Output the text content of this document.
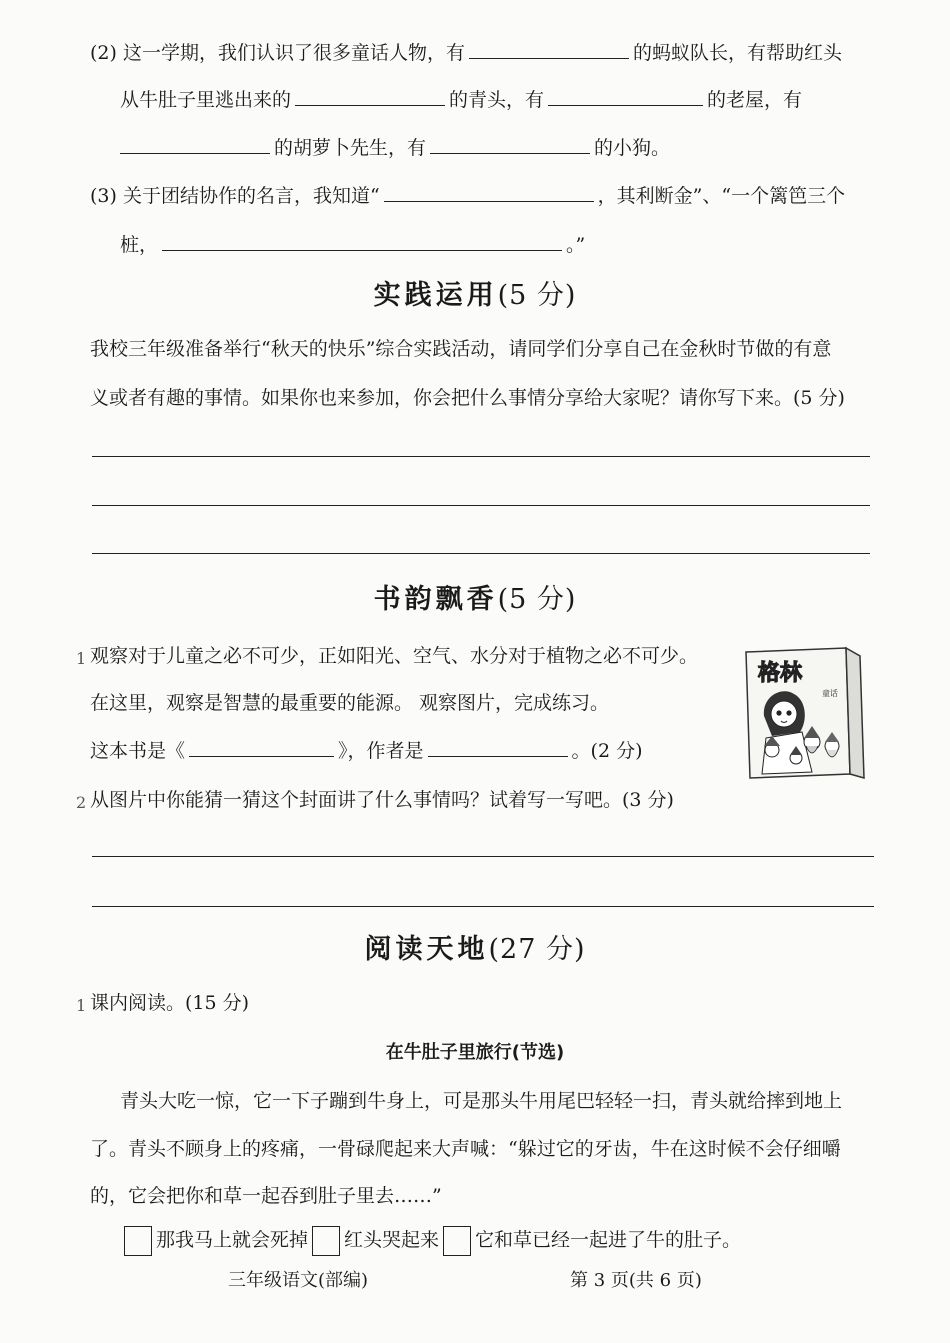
(2) 这一学期，我们认识了很多童话人物，有	的蚂蚁队长，有帮助红头
从牛肚子里逃出来的	的青头，有	的老屋，有
的胡萝卜先生，有	的小狗。
(3) 关于团结协作的名言，我知道“	，其利断金”、“一个篱笆三个
桩，	。”
实践运用(5 分)
我校三年级准备举行“秋天的快乐”综合实践活动，请同学们分享自己在金秋时节做的有意
义或者有趣的事情。如果你也来参加，你会把什么事情分享给大家呢？请你写下来。(5 分)
书韵飘香(5 分)
1 观察对于儿童之必不可少，正如阳光、空气、水分对于植物之必不可少。
在这里，观察是智慧的最重要的能源。 观察图片，完成练习。
这本书是《	》，作者是	。(2 分)
2 从图片中你能猜一猜这个封面讲了什么事情吗？试着写一写吧。(3 分)
格林
童话
阅读天地(27 分)
1 课内阅读。(15 分)
在牛肚子里旅行(节选)
青头大吃一惊，它一下子蹦到牛身上，可是那头牛用尾巴轻轻一扫，青头就给摔到地上
了。青头不顾身上的疼痛，一骨碌爬起来大声喊：“躲过它的牙齿，牛在这时候不会仔细嚼
的，它会把你和草一起吞到肚子里去……”
那我马上就会死掉 红头哭起来 它和草已经一起进了牛的肚子。
三年级语文(部编)	第 3 页(共 6 页)
